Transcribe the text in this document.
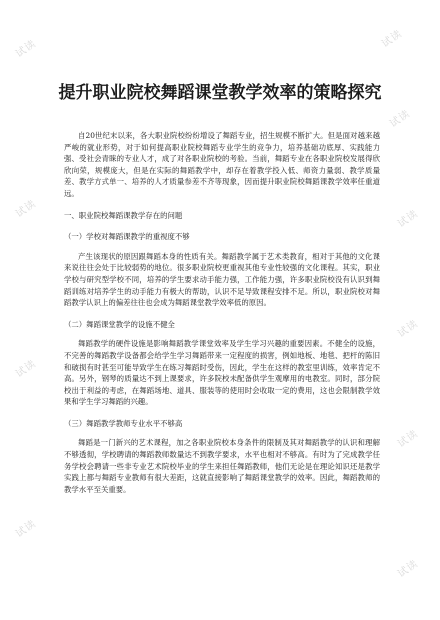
试读	试读
试读
试读
试读
试读
试读
试读
试读
试读
提升职业院校舞蹈课堂教学效率的策略探究

自20世纪末以来，各大职业院校纷纷增设了舞蹈专业，招生规模不断扩大。但是面对越来越严峻的就业形势，对于如何提高职业院校舞蹈专业学生的竞争力，培养基础功底厚、实践能力强、受社会青睐的专业人才，成了对各职业院校的考验。当前，舞蹈专业在各职业院校发展得欣欣向荣，规模庞大，但是在实际的舞蹈教学中，却存在着教学投入低、师资力量弱、教学质量差、教学方式单一、培养的人才质量参差不齐等现象，因而提升职业院校舞蹈课教学效率任重道远。

一、职业院校舞蹈课教学存在的问题

（一）学校对舞蹈课教学的重视度不够

产生该现状的原因跟舞蹈本身的性质有关。舞蹈教学属于艺术类教育，相对于其他的文化课来说往往会处于比较弱势的地位。很多职业院校更重视其他专业性较强的文化课程。其实，职业学校与研究型学校不同，培养的学生要求动手能力强，工作能力强，许多职业院校没有认识到舞蹈训练对培养学生的动手能力有极大的帮助，认识不足导致课程安排不足。所以，职业院校对舞蹈教学认识上的偏差往往也会成为舞蹈课堂教学效率低的原因。

（二）舞蹈课堂教学的设施不健全

舞蹈教学的硬件设施是影响舞蹈教学课堂效率及学生学习兴趣的重要因素。不健全的设施，不完善的舞蹈教学设备都会给学生学习舞蹈带来一定程度的损害，例如地板、地毯、把杆的陈旧和破损有时甚至可能导致学生在练习舞蹈时受伤，因此，学生在这样的教室里训练，效率肯定不高。另外，钢琴的质量达不到上课要求，许多院校未配备供学生观摩用的电教室。同时，部分院校出于利益的考虑，在舞蹈场地、道具、服装等的使用时会收取一定的费用，这也会限制教学效果和学生学习舞蹈的兴趣。

（三）舞蹈教学教师专业水平不够高

舞蹈是一门新兴的艺术课程，加之各职业院校本身条件的限制及其对舞蹈教学的认识和理解不够透彻，学校聘请的舞蹈教师数量达不到教学要求，水平也相对不够高。有时为了完成教学任务学校会聘请一些非专业艺术院校毕业的学生来担任舞蹈教师，他们无论是在理论知识还是教学实践上都与舞蹈专业教师有很大差距，这就直接影响了舞蹈课堂教学的效率。因此，舞蹈教师的教学水平至关重要。
